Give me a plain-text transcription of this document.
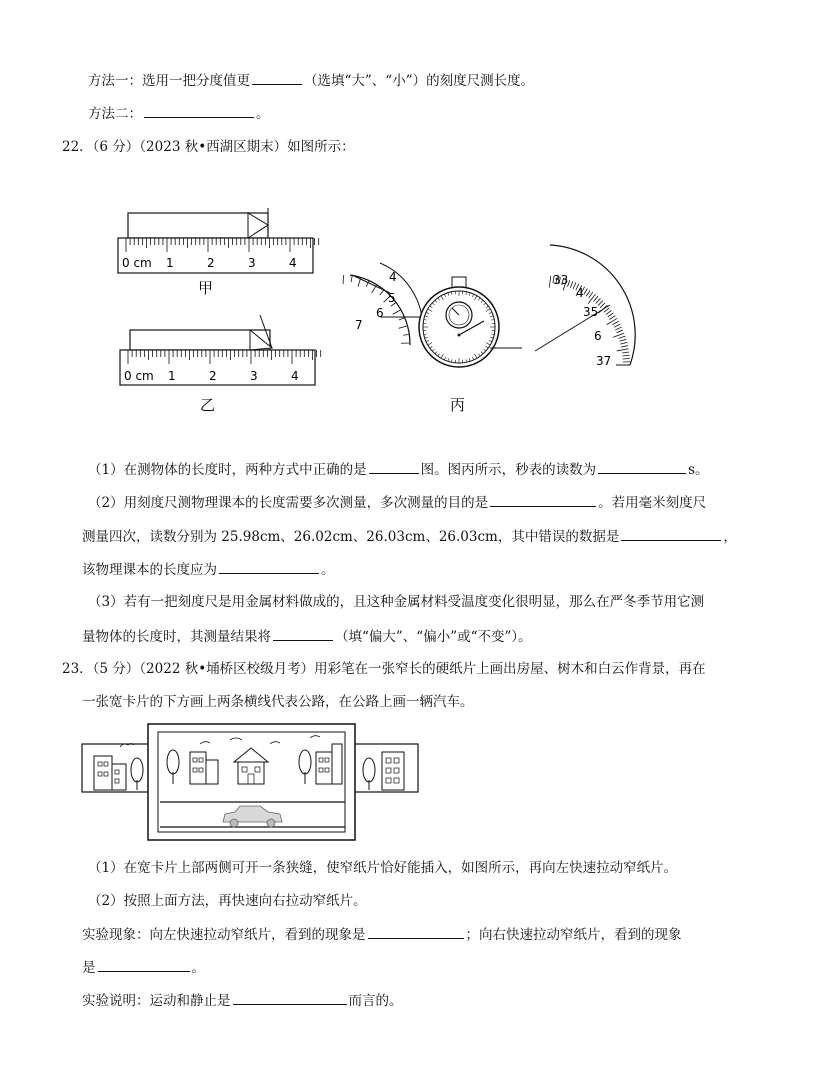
方法一：选用一把分度值更	（选填“大”、“小”）的刻度尺测长度。
方法二：	。
22．（6 分）（2023 秋•西湖区期末）如图所示：
0 cm 1	2	3	4
甲
0 cm 1	2	3	4
乙
4
5
6
7
丙
33
4
35
6
37
（1）在测物体的长度时，两种方式中正确的是	图。图丙所示，秒表的读数为	s。
（2）用刻度尺测物理课本的长度需要多次测量，多次测量的目的是	。若用毫米刻度尺
测量四次，读数分别为 25.98cm、26.02cm、26.03cm、26.03cm，其中错误的数据是	，
该物理课本的长度应为	。
（3）若有一把刻度尺是用金属材料做成的，且这种金属材料受温度变化很明显，那么在严冬季节用它测
量物体的长度时，其测量结果将	（填“偏大”、“偏小”或“不变”）。
23．（5 分）（2022 秋•埇桥区校级月考）用彩笔在一张窄长的硬纸片上画出房屋、树木和白云作背景，再在
一张宽卡片的下方画上两条横线代表公路，在公路上画一辆汽车。
（1）在宽卡片上部两侧可开一条狭缝，使窄纸片恰好能插入，如图所示，再向左快速拉动窄纸片。
（2）按照上面方法，再快速向右拉动窄纸片。
实验现象：向左快速拉动窄纸片，看到的现象是	；向右快速拉动窄纸片，看到的现象
是	。
实验说明：运动和静止是	而言的。
